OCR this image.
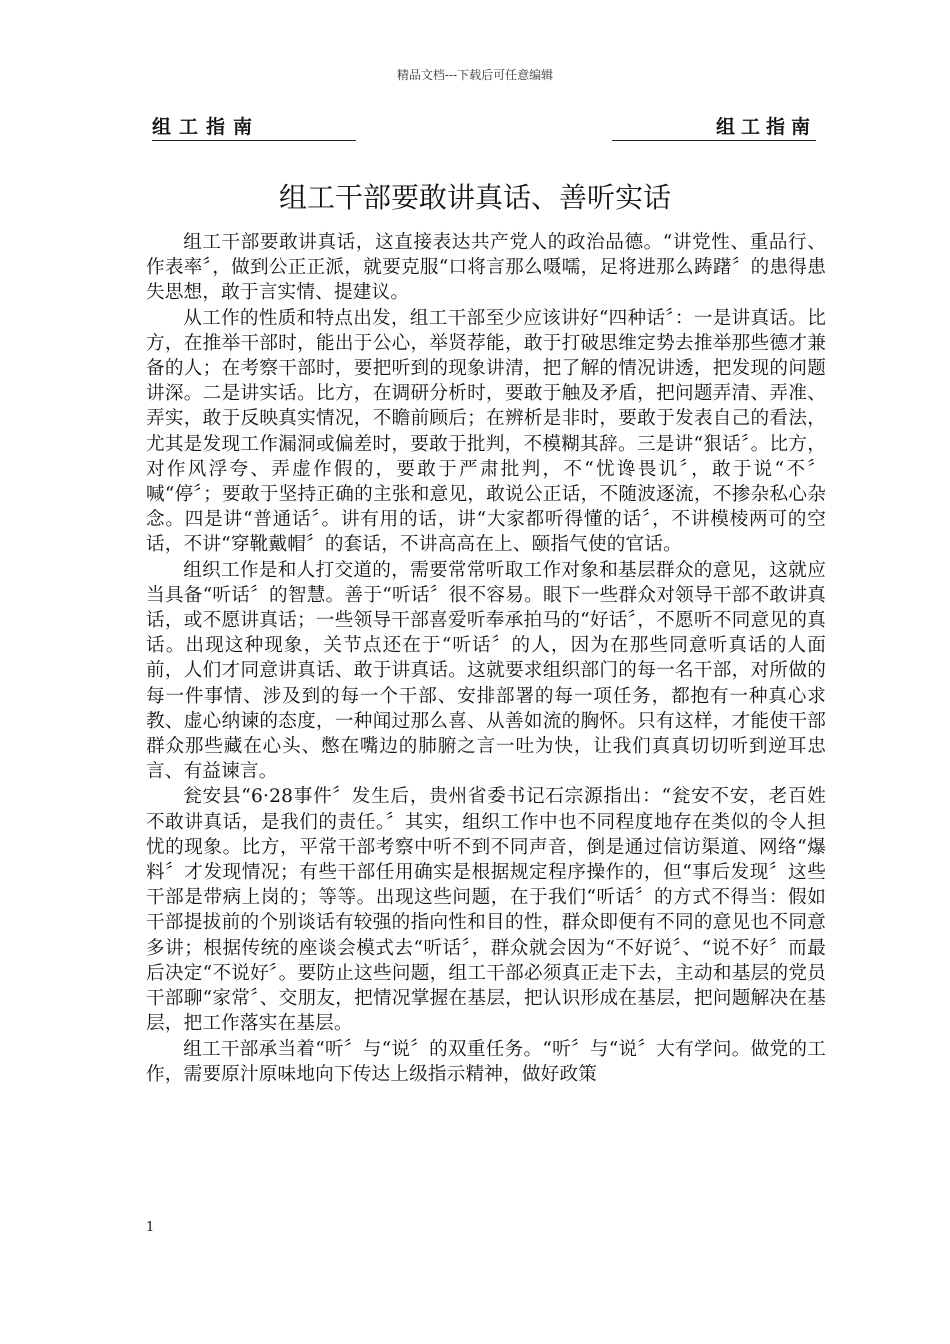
精品文档---下载后可任意编辑
组工指南	组工指南
组工干部要敢讲真话、善听实话

组工干部要敢讲真话，这直接表达共产党人的政治品德。“讲党性、重品行、作表率〞，做到公正正派，就要克服“口将言那么嗫嚅，足将进那么踌躇〞的患得患失思想，敢于言实情、提建议。

从工作的性质和特点出发，组工干部至少应该讲好“四种话〞：一是讲真话。比方，在推举干部时，能出于公心，举贤荐能，敢于打破思维定势去推举那些德才兼备的人；在考察干部时，要把听到的现象讲清，把了解的情况讲透，把发现的问题讲深。二是讲实话。比方，在调研分析时，要敢于触及矛盾，把问题弄清、弄准、弄实，敢于反映真实情况，不瞻前顾后；在辨析是非时，要敢于发表自己的看法，尤其是发现工作漏洞或偏差时，要敢于批判，不模糊其辞。三是讲“狠话〞。比方，对作风浮夸、弄虚作假的，要敢于严肃批判，不“忧谗畏讥〞，敢于说“不〞喊“停〞；要敢于坚持正确的主张和意见，敢说公正话，不随波逐流，不掺杂私心杂念。四是讲“普通话〞。讲有用的话，讲“大家都听得懂的话〞，不讲模棱两可的空话，不讲“穿靴戴帽〞的套话，不讲高高在上、颐指气使的官话。

组织工作是和人打交道的，需要常常听取工作对象和基层群众的意见，这就应当具备“听话〞的智慧。善于“听话〞很不容易。眼下一些群众对领导干部不敢讲真话，或不愿讲真话；一些领导干部喜爱听奉承拍马的“好话〞，不愿听不同意见的真话。出现这种现象，关节点还在于“听话〞的人，因为在那些同意听真话的人面前，人们才同意讲真话、敢于讲真话。这就要求组织部门的每一名干部，对所做的每一件事情、涉及到的每一个干部、安排部署的每一项任务，都抱有一种真心求教、虚心纳谏的态度，一种闻过那么喜、从善如流的胸怀。只有这样，才能使干部群众那些藏在心头、憋在嘴边的肺腑之言一吐为快，让我们真真切切听到逆耳忠言、有益谏言。

瓮安县“6·28事件〞发生后，贵州省委书记石宗源指出：“瓮安不安，老百姓不敢讲真话，是我们的责任。〞其实，组织工作中也不同程度地存在类似的令人担忧的现象。比方，平常干部考察中听不到不同声音，倒是通过信访渠道、网络“爆料〞才发现情况；有些干部任用确实是根据规定程序操作的，但“事后发现〞这些干部是带病上岗的；等等。出现这些问题，在于我们“听话〞的方式不得当：假如干部提拔前的个别谈话有较强的指向性和目的性，群众即便有不同的意见也不同意多讲；根据传统的座谈会模式去“听话〞，群众就会因为“不好说〞、“说不好〞而最后决定“不说好〞。要防止这些问题，组工干部必须真正走下去，主动和基层的党员干部聊“家常〞、交朋友，把情况掌握在基层，把认识形成在基层，把问题解决在基层，把工作落实在基层。

组工干部承当着“听〞与“说〞的双重任务。“听〞与“说〞大有学问。做党的工作，需要原汁原味地向下传达上级指示精神，做好政策

1
